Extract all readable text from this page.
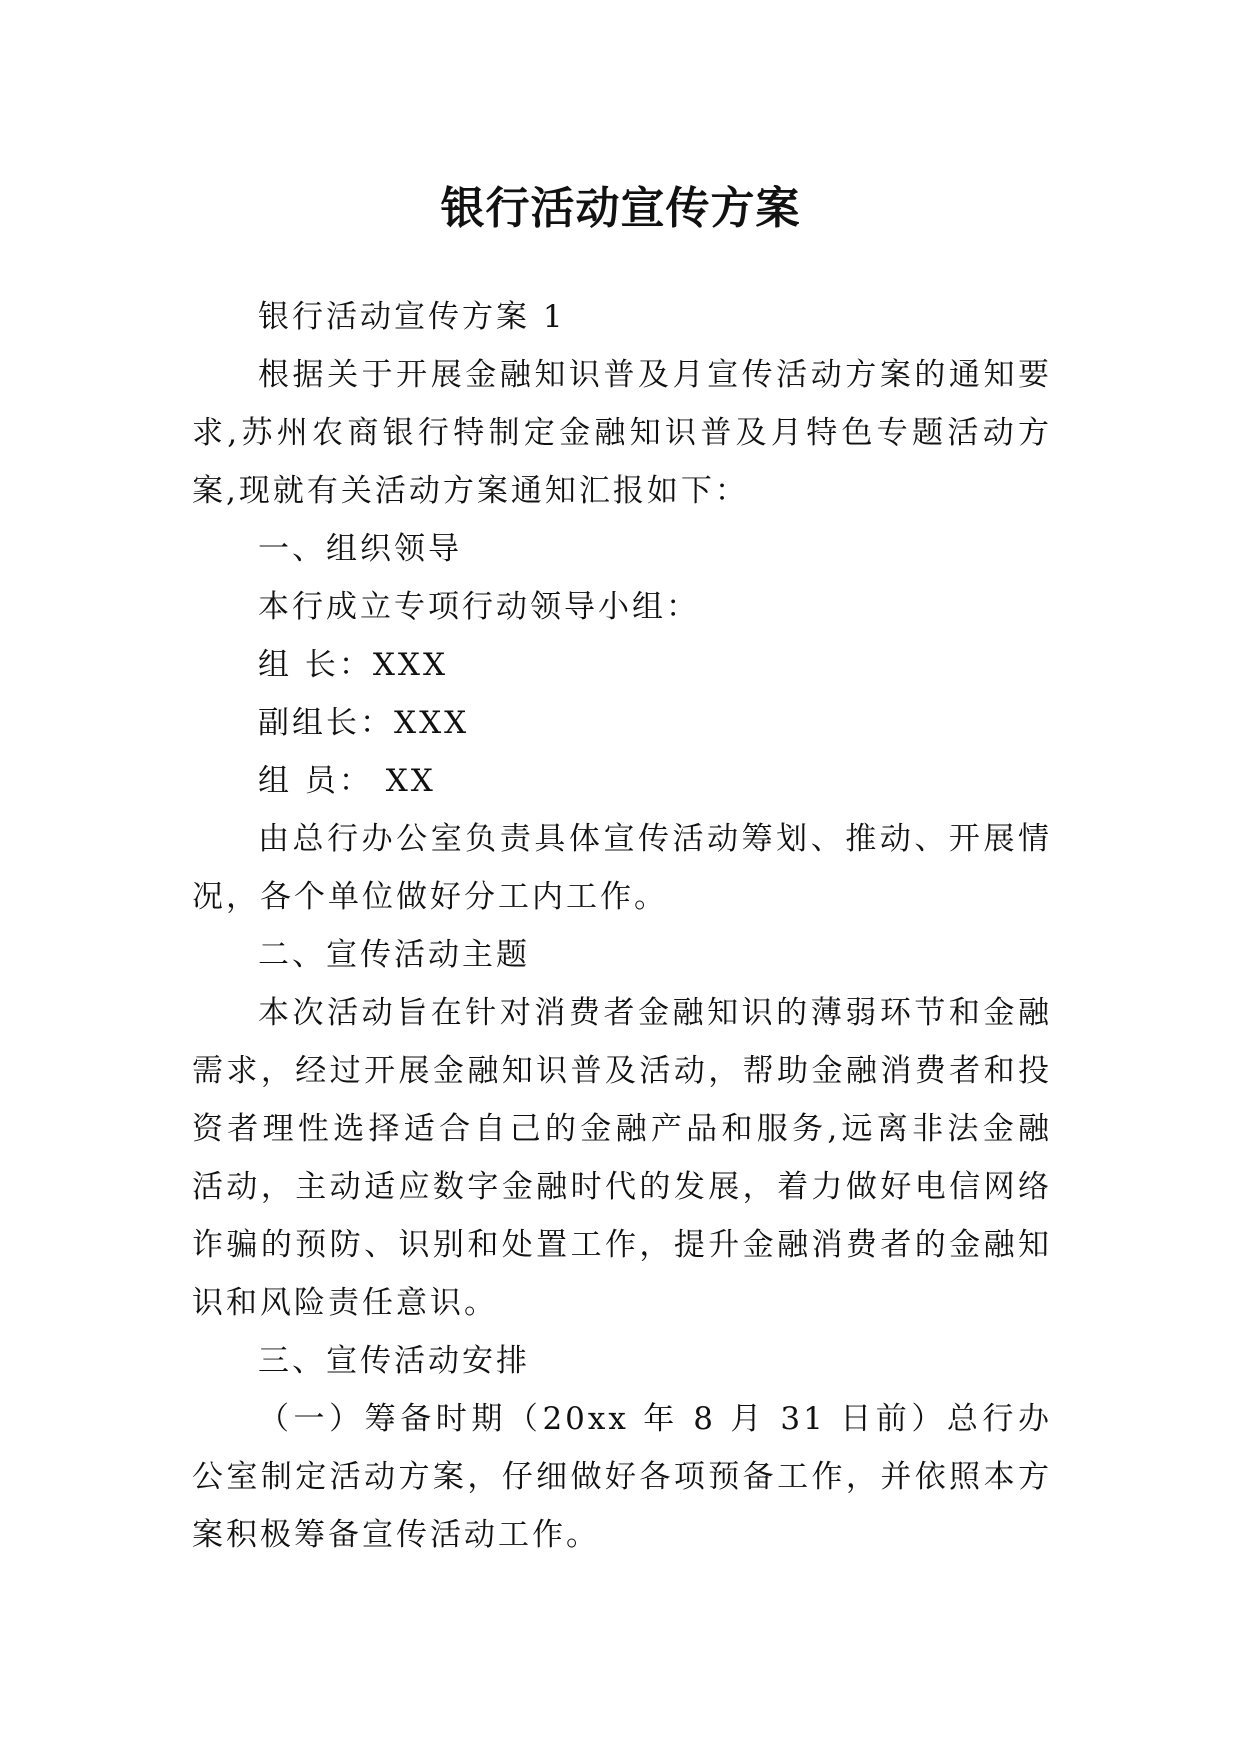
银行活动宣传方案

银行活动宣传方案 1

根据关于开展金融知识普及月宣传活动方案的通知要求,苏州农商银行特制定金融知识普及月特色专题活动方案,现就有关活动方案通知汇报如下：

一、组织领导

本行成立专项行动领导小组：

组 长：XXX

副组长：XXX

组 员： XX

由总行办公室负责具体宣传活动筹划、推动、开展情况，各个单位做好分工内工作。

二、宣传活动主题

本次活动旨在针对消费者金融知识的薄弱环节和金融需求，经过开展金融知识普及活动，帮助金融消费者和投资者理性选择适合自己的金融产品和服务,远离非法金融活动，主动适应数字金融时代的发展，着力做好电信网络诈骗的预防、识别和处置工作，提升金融消费者的金融知识和风险责任意识。

三、宣传活动安排

（一）筹备时期（20xx 年 8 月 31 日前）总行办公室制定活动方案，仔细做好各项预备工作，并依照本方案积极筹备宣传活动工作。
